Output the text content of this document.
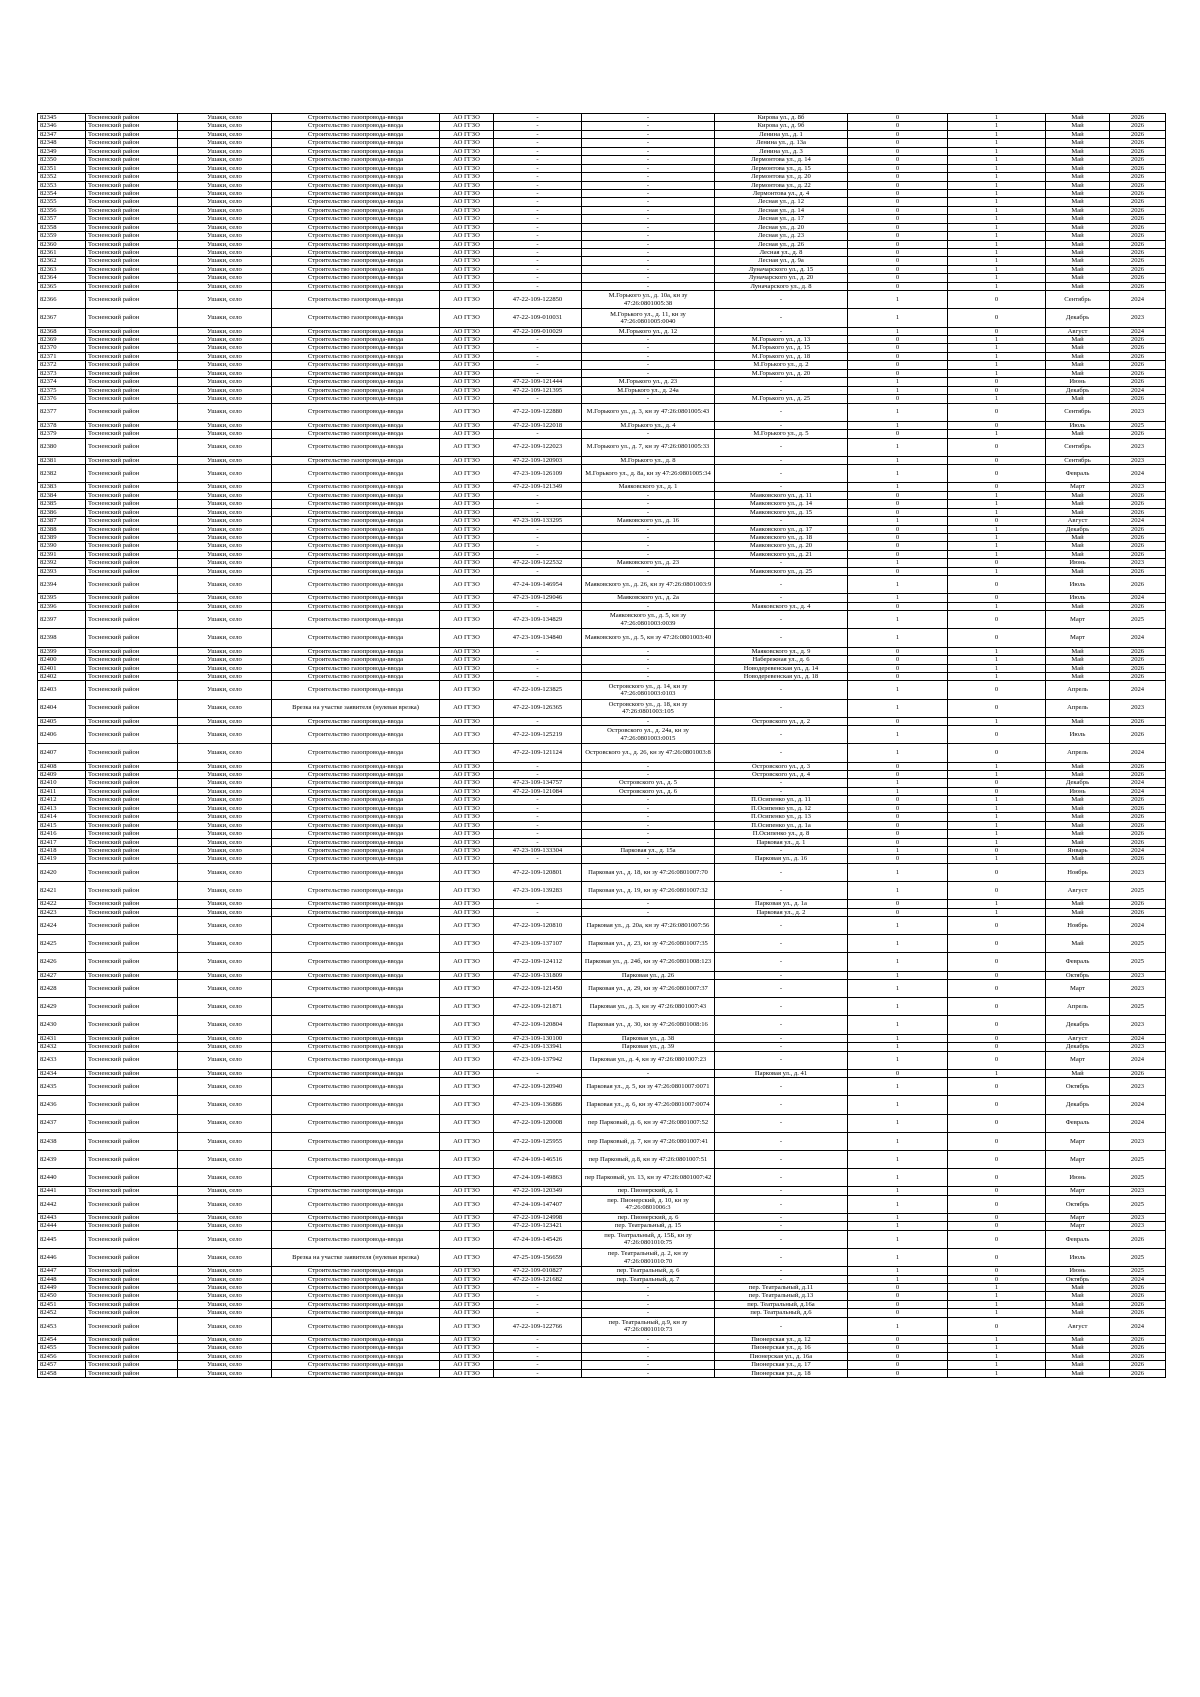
82345	Тосненский район	Ушаки, село	Строительство газопровода-ввода	АО ГГЗО	-	-	Кирова ул., д. 8б	0	1	Май	2026
82346	Тосненский район	Ушаки, село	Строительство газопровода-ввода	АО ГГЗО	-	-	Кирова ул., д. 9б	0	1	Май	2026
82347	Тосненский район	Ушаки, село	Строительство газопровода-ввода	АО ГГЗО	-	-	Ленина ул., д. 1	0	1	Май	2026
82348	Тосненский район	Ушаки, село	Строительство газопровода-ввода	АО ГГЗО	-	-	Ленина ул., д. 13а	0	1	Май	2026
82349	Тосненский район	Ушаки, село	Строительство газопровода-ввода	АО ГГЗО	-	-	Ленина ул., д. 3	0	1	Май	2026
82350	Тосненский район	Ушаки, село	Строительство газопровода-ввода	АО ГГЗО	-	-	Лермонтова ул., д. 14	0	1	Май	2026
82351	Тосненский район	Ушаки, село	Строительство газопровода-ввода	АО ГГЗО	-	-	Лермонтова ул., д. 15	0	1	Май	2026
82352	Тосненский район	Ушаки, село	Строительство газопровода-ввода	АО ГГЗО	-	-	Лермонтова ул., д. 20	0	1	Май	2026
82353	Тосненский район	Ушаки, село	Строительство газопровода-ввода	АО ГГЗО	-	-	Лермонтова ул., д. 22	0	1	Май	2026
82354	Тосненский район	Ушаки, село	Строительство газопровода-ввода	АО ГГЗО	-	-	Лермонтова ул., д. 4	0	1	Май	2026
82355	Тосненский район	Ушаки, село	Строительство газопровода-ввода	АО ГГЗО	-	-	Лесная ул., д. 12	0	1	Май	2026
82356	Тосненский район	Ушаки, село	Строительство газопровода-ввода	АО ГГЗО	-	-	Лесная ул., д. 14	0	1	Май	2026
82357	Тосненский район	Ушаки, село	Строительство газопровода-ввода	АО ГГЗО	-	-	Лесная ул., д. 17	0	1	Май	2026
82358	Тосненский район	Ушаки, село	Строительство газопровода-ввода	АО ГГЗО	-	-	Лесная ул., д. 20	0	1	Май	2026
82359	Тосненский район	Ушаки, село	Строительство газопровода-ввода	АО ГГЗО	-	-	Лесная ул., д. 23	0	1	Май	2026
82360	Тосненский район	Ушаки, село	Строительство газопровода-ввода	АО ГГЗО	-	-	Лесная ул., д. 26	0	1	Май	2026
82361	Тосненский район	Ушаки, село	Строительство газопровода-ввода	АО ГГЗО	-	-	Лесная ул., д. 8	0	1	Май	2026
82362	Тосненский район	Ушаки, село	Строительство газопровода-ввода	АО ГГЗО	-	-	Лесная ул., д. 9а	0	1	Май	2026
82363	Тосненский район	Ушаки, село	Строительство газопровода-ввода	АО ГГЗО	-	-	Луначарского ул., д. 15	0	1	Май	2026
82364	Тосненский район	Ушаки, село	Строительство газопровода-ввода	АО ГГЗО	-	-	Луначарского ул., д. 20	0	1	Май	2026
82365	Тосненский район	Ушаки, село	Строительство газопровода-ввода	АО ГГЗО	-	-	Луначарского ул., д. 8	0	1	Май	2026
82366	Тосненский район	Ушаки, село	Строительство газопровода-ввода	АО ГГЗО	47-22-109-122850	М.Горького ул., д. 10а, кн зу 47:26:0801005:38	-	1	0	Сентябрь	2024
82367	Тосненский район	Ушаки, село	Строительство газопровода-ввода	АО ГГЗО	47-22-109-010031	М.Горького ул., д. 11, кн зу 47:26:0801005:0040	-	1	0	Декабрь	2023
82368	Тосненский район	Ушаки, село	Строительство газопровода-ввода	АО ГГЗО	47-22-109-010029	М.Горького ул., д. 12	-	1	0	Август	2024
82369	Тосненский район	Ушаки, село	Строительство газопровода-ввода	АО ГГЗО	-	-	М.Горького ул., д. 13	0	1	Май	2026
82370	Тосненский район	Ушаки, село	Строительство газопровода-ввода	АО ГГЗО	-	-	М.Горького ул., д. 15	0	1	Май	2026
82371	Тосненский район	Ушаки, село	Строительство газопровода-ввода	АО ГГЗО	-	-	М.Горького ул., д. 18	0	1	Май	2026
82372	Тосненский район	Ушаки, село	Строительство газопровода-ввода	АО ГГЗО	-	-	М.Горького ул., д. 2	0	1	Май	2026
82373	Тосненский район	Ушаки, село	Строительство газопровода-ввода	АО ГГЗО	-	-	М.Горького ул., д. 20	0	1	Май	2026
82374	Тосненский район	Ушаки, село	Строительство газопровода-ввода	АО ГГЗО	47-22-109-121444	М.Горького ул., д. 23	-	1	0	Июнь	2026
82375	Тосненский район	Ушаки, село	Строительство газопровода-ввода	АО ГГЗО	47-22-109-121395	М.Горького ул., д. 24а	-	1	0	Декабрь	2024
82376	Тосненский район	Ушаки, село	Строительство газопровода-ввода	АО ГГЗО	-	-	М.Горького ул., д. 25	0	1	Май	2026
82377	Тосненский район	Ушаки, село	Строительство газопровода-ввода	АО ГГЗО	47-22-109-122880	М.Горького ул., д. 3, кн зу 47:26:0801005:43	-	1	0	Сентябрь	2023
82378	Тосненский район	Ушаки, село	Строительство газопровода-ввода	АО ГГЗО	47-22-109-122018	М.Горького ул., д. 4	-	1	0	Июль	2025
82379	Тосненский район	Ушаки, село	Строительство газопровода-ввода	АО ГГЗО	-	-	М.Горького ул., д. 5	0	1	Май	2026
82380	Тосненский район	Ушаки, село	Строительство газопровода-ввода	АО ГГЗО	47-22-109-122023	М.Горького ул., д. 7, кн зу 47:26:0801005:33	-	1	0	Сентябрь	2023
82381	Тосненский район	Ушаки, село	Строительство газопровода-ввода	АО ГГЗО	47-22-109-120903	М.Горького ул., д. 8	-	1	0	Сентябрь	2023
82382	Тосненский район	Ушаки, село	Строительство газопровода-ввода	АО ГГЗО	47-23-109-126109	М.Горького ул., д. 8а, кн зу 47:26:0801005:34	-	1	0	Февраль	2024
82383	Тосненский район	Ушаки, село	Строительство газопровода-ввода	АО ГГЗО	47-22-109-121349	Маяковского ул., д. 1	-	1	0	Март	2023
82384	Тосненский район	Ушаки, село	Строительство газопровода-ввода	АО ГГЗО	-	-	Маяковского ул., д. 11	0	1	Май	2026
82385	Тосненский район	Ушаки, село	Строительство газопровода-ввода	АО ГГЗО	-	-	Маяковского ул., д. 14	0	1	Май	2026
82386	Тосненский район	Ушаки, село	Строительство газопровода-ввода	АО ГГЗО	-	-	Маяковского ул., д. 15	0	1	Май	2026
82387	Тосненский район	Ушаки, село	Строительство газопровода-ввода	АО ГГЗО	47-23-109-133295	Маяковского ул., д. 16	-	1	0	Август	2024
82388	Тосненский район	Ушаки, село	Строительство газопровода-ввода	АО ГГЗО	-	-	Маяковского ул., д. 17	0	1	Декабрь	2026
82389	Тосненский район	Ушаки, село	Строительство газопровода-ввода	АО ГГЗО	-	-	Маяковского ул., д. 18	0	1	Май	2026
82390	Тосненский район	Ушаки, село	Строительство газопровода-ввода	АО ГГЗО	-	-	Маяковского ул., д. 20	0	1	Май	2026
82391	Тосненский район	Ушаки, село	Строительство газопровода-ввода	АО ГГЗО	-	-	Маяковского ул., д. 21	0	1	Май	2026
82392	Тосненский район	Ушаки, село	Строительство газопровода-ввода	АО ГГЗО	47-22-109-122532	Маяковского ул., д. 23	-	1	0	Июнь	2023
82393	Тосненский район	Ушаки, село	Строительство газопровода-ввода	АО ГГЗО	-	-	Маяковского ул., д. 25	0	1	Май	2026
82394	Тосненский район	Ушаки, село	Строительство газопровода-ввода	АО ГГЗО	47-24-109-146954	Маяковского ул., д. 26, кн зу 47:26:0801003:9	-	1	0	Июль	2026
82395	Тосненский район	Ушаки, село	Строительство газопровода-ввода	АО ГГЗО	47-23-109-129046	Маяковского ул., д. 2а	-	1	0	Июль	2024
82396	Тосненский район	Ушаки, село	Строительство газопровода-ввода	АО ГГЗО	-	-	Маяковского ул., д. 4	0	1	Май	2026
82397	Тосненский район	Ушаки, село	Строительство газопровода-ввода	АО ГГЗО	47-23-109-134829	Маяковского ул., д. 5, кн зу 47:26:0801003:0039	-	1	0	Март	2025
82398	Тосненский район	Ушаки, село	Строительство газопровода-ввода	АО ГГЗО	47-23-109-134840	Маяковского ул., д. 5, кн зу 47:26:0801003:40	-	1	0	Март	2024
82399	Тосненский район	Ушаки, село	Строительство газопровода-ввода	АО ГГЗО	-	-	Маяковского ул., д. 9	0	1	Май	2026
82400	Тосненский район	Ушаки, село	Строительство газопровода-ввода	АО ГГЗО	-	-	Набережная ул., д. 6	0	1	Май	2026
82401	Тосненский район	Ушаки, село	Строительство газопровода-ввода	АО ГГЗО	-	-	Новодеревенская ул., д. 14	0	1	Май	2026
82402	Тосненский район	Ушаки, село	Строительство газопровода-ввода	АО ГГЗО	-	-	Новодеревенская ул., д. 18	0	1	Май	2026
82403	Тосненский район	Ушаки, село	Строительство газопровода-ввода	АО ГГЗО	47-22-109-123825	Островского ул., д. 14, кн зу 47:26:0801003:0103	-	1	0	Апрель	2024
82404	Тосненский район	Ушаки, село	Врезка на участке заявителя (нулевая врезка)	АО ГГЗО	47-22-109-126365	Островского ул., д. 18, кн зу 47:26:0801003:105	-	1	0	Апрель	2023
82405	Тосненский район	Ушаки, село	Строительство газопровода-ввода	АО ГГЗО	-	-	Островского ул., д. 2	0	1	Май	2026
82406	Тосненский район	Ушаки, село	Строительство газопровода-ввода	АО ГГЗО	47-22-109-125219	Островского ул., д. 24а, кн зу 47:26:0801003:0015	-	1	0	Июль	2026
82407	Тосненский район	Ушаки, село	Строительство газопровода-ввода	АО ГГЗО	47-22-109-121124	Островского ул., д. 26, кн зу 47:26:0801003:8	-	1	0	Апрель	2024
82408	Тосненский район	Ушаки, село	Строительство газопровода-ввода	АО ГГЗО	-	-	Островского ул., д. 3	0	1	Май	2026
82409	Тосненский район	Ушаки, село	Строительство газопровода-ввода	АО ГГЗО	-	-	Островского ул., д. 4	0	1	Май	2026
82410	Тосненский район	Ушаки, село	Строительство газопровода-ввода	АО ГГЗО	47-23-109-134757	Островского ул., д. 5	-	1	0	Декабрь	2024
82411	Тосненский район	Ушаки, село	Строительство газопровода-ввода	АО ГГЗО	47-22-109-121084	Островского ул., д. 6	-	1	0	Июнь	2024
82412	Тосненский район	Ушаки, село	Строительство газопровода-ввода	АО ГГЗО	-	-	П.Осипенко ул., д. 11	0	1	Май	2026
82413	Тосненский район	Ушаки, село	Строительство газопровода-ввода	АО ГГЗО	-	-	П.Осипенко ул., д. 12	0	1	Май	2026
82414	Тосненский район	Ушаки, село	Строительство газопровода-ввода	АО ГГЗО	-	-	П.Осипенко ул., д. 13	0	1	Май	2026
82415	Тосненский район	Ушаки, село	Строительство газопровода-ввода	АО ГГЗО	-	-	П.Осипенко ул., д. 1а	0	1	Май	2026
82416	Тосненский район	Ушаки, село	Строительство газопровода-ввода	АО ГГЗО	-	-	П.Осипенко ул., д. 8	0	1	Май	2026
82417	Тосненский район	Ушаки, село	Строительство газопровода-ввода	АО ГГЗО	-	-	Парковая ул., д. 1	0	1	Май	2026
82418	Тосненский район	Ушаки, село	Строительство газопровода-ввода	АО ГГЗО	47-23-109-133304	Парковая ул., д. 15а	-	1	0	Январь	2024
82419	Тосненский район	Ушаки, село	Строительство газопровода-ввода	АО ГГЗО	-	-	Парковая ул., д. 16	0	1	Май	2026
82420	Тосненский район	Ушаки, село	Строительство газопровода-ввода	АО ГГЗО	47-22-109-120801	Парковая ул., д. 18, кн зу 47:26:0801007:70	-	1	0	Ноябрь	2023
82421	Тосненский район	Ушаки, село	Строительство газопровода-ввода	АО ГГЗО	47-23-109-139283	Парковая ул., д. 19, кн зу 47:26:0801007:32	-	1	0	Август	2025
82422	Тосненский район	Ушаки, село	Строительство газопровода-ввода	АО ГГЗО	-	-	Парковая ул., д. 1а	0	1	Май	2026
82423	Тосненский район	Ушаки, село	Строительство газопровода-ввода	АО ГГЗО	-	-	Парковая ул., д. 2	0	1	Май	2026
82424	Тосненский район	Ушаки, село	Строительство газопровода-ввода	АО ГГЗО	47-22-109-120810	Парковая ул., д. 20а, кн зу 47:26:0801007:56	-	1	0	Ноябрь	2024
82425	Тосненский район	Ушаки, село	Строительство газопровода-ввода	АО ГГЗО	47-23-109-137107	Парковая ул., д. 23, кн зу 47:26:0801007:35	-	1	0	Май	2025
82426	Тосненский район	Ушаки, село	Строительство газопровода-ввода	АО ГГЗО	47-22-109-124112	Парковая ул., д. 24б, кн зу 47:26:0801008:123	-	1	0	Февраль	2025
82427	Тосненский район	Ушаки, село	Строительство газопровода-ввода	АО ГГЗО	47-22-109-131809	Парковая ул., д. 26	-	1	0	Октябрь	2023
82428	Тосненский район	Ушаки, село	Строительство газопровода-ввода	АО ГГЗО	47-22-109-121450	Парковая ул., д. 29, кн зу 47:26:0801007:37	-	1	0	Март	2023
82429	Тосненский район	Ушаки, село	Строительство газопровода-ввода	АО ГГЗО	47-22-109-121871	Парковая ул., д. 3, кн зу 47:26:0801007:43	-	1	0	Апрель	2025
82430	Тосненский район	Ушаки, село	Строительство газопровода-ввода	АО ГГЗО	47-22-109-120804	Парковая ул., д. 30, кн зу 47:26:0801008:16	-	1	0	Декабрь	2023
82431	Тосненский район	Ушаки, село	Строительство газопровода-ввода	АО ГГЗО	47-23-109-130100	Парковая ул., д. 38	-	1	0	Август	2024
82432	Тосненский район	Ушаки, село	Строительство газопровода-ввода	АО ГГЗО	47-23-109-133941	Парковая ул., д. 39	-	1	0	Декабрь	2023
82433	Тосненский район	Ушаки, село	Строительство газопровода-ввода	АО ГГЗО	47-23-109-137942	Парковая ул., д. 4, кн зу 47:26:0801007:23	-	1	0	Март	2024
82434	Тосненский район	Ушаки, село	Строительство газопровода-ввода	АО ГГЗО	-	-	Парковая ул., д. 41	0	1	Май	2026
82435	Тосненский район	Ушаки, село	Строительство газопровода-ввода	АО ГГЗО	47-22-109-120940	Парковая ул., д. 5, кн зу 47:26:0801007:0071	-	1	0	Октябрь	2023
82436	Тосненский район	Ушаки, село	Строительство газопровода-ввода	АО ГГЗО	47-23-109-136886	Парковая ул., д. 6, кн зу 47:26:0801007:0074	-	1	0	Декабрь	2024
82437	Тосненский район	Ушаки, село	Строительство газопровода-ввода	АО ГГЗО	47-22-109-120008	пер Парковый, д. 6, кн зу 47:26:0801007:52	-	1	0	Февраль	2024
82438	Тосненский район	Ушаки, село	Строительство газопровода-ввода	АО ГГЗО	47-22-109-125955	пер Парковый, д. 7, кн зу 47:26:0801007:41	-	1	0	Март	2023
82439	Тосненский район	Ушаки, село	Строительство газопровода-ввода	АО ГГЗО	47-24-109-146516	пер Парковый, д.8, кн зу 47:26:0801007:51	-	1	0	Март	2025
82440	Тосненский район	Ушаки, село	Строительство газопровода-ввода	АО ГГЗО	47-24-109-149863	пер Парковый, ул. 13, кн зу 47:26:0801007:42	-	1	0	Июнь	2025
82441	Тосненский район	Ушаки, село	Строительство газопровода-ввода	АО ГГЗО	47-22-109-120349	пер. Пионерский, д. 1	-	1	0	Март	2023
82442	Тосненский район	Ушаки, село	Строительство газопровода-ввода	АО ГГЗО	47-24-109-147407	пер. Пионерский, д. 10, кн зу 47:26:0801006:3	-	1	0	Октябрь	2025
82443	Тосненский район	Ушаки, село	Строительство газопровода-ввода	АО ГГЗО	47-22-109-124998	пер. Пионерский, д. 6	-	1	0	Март	2023
82444	Тосненский район	Ушаки, село	Строительство газопровода-ввода	АО ГГЗО	47-22-109-123421	пер. Театральный, д. 15	-	1	0	Март	2023
82445	Тосненский район	Ушаки, село	Строительство газопровода-ввода	АО ГГЗО	47-24-109-145426	пер. Театральный, д. 15Б, кн зу 47:26:0801010:75	-	1	0	Февраль	2026
82446	Тосненский район	Ушаки, село	Врезка на участке заявителя (нулевая врезка)	АО ГГЗО	47-25-109-156659	пер. Театральный, д. 2, кн зу 47:26:0801010:70	-	1	0	Июль	2025
82447	Тосненский район	Ушаки, село	Строительство газопровода-ввода	АО ГГЗО	47-22-109-010827	пер. Театральный, д. 6	-	1	0	Июнь	2025
82448	Тосненский район	Ушаки, село	Строительство газопровода-ввода	АО ГГЗО	47-22-109-121682	пер. Театральный, д. 7	-	1	0	Октябрь	2024
82449	Тосненский район	Ушаки, село	Строительство газопровода-ввода	АО ГГЗО	-	-	пер. Театральный, д.11	0	1	Май	2026
82450	Тосненский район	Ушаки, село	Строительство газопровода-ввода	АО ГГЗО	-	-	пер. Театральный, д.13	0	1	Май	2026
82451	Тосненский район	Ушаки, село	Строительство газопровода-ввода	АО ГГЗО	-	-	пер. Театральный, д.16а	0	1	Май	2026
82452	Тосненский район	Ушаки, село	Строительство газопровода-ввода	АО ГГЗО	-	-	пер. Театральный, д.6	0	1	Май	2026
82453	Тосненский район	Ушаки, село	Строительство газопровода-ввода	АО ГГЗО	47-22-109-122766	пер. Театральный, д.9, кн зу 47:26:0801010:73	-	1	0	Август	2024
82454	Тосненский район	Ушаки, село	Строительство газопровода-ввода	АО ГГЗО	-	-	Пионерская ул., д. 12	0	1	Май	2026
82455	Тосненский район	Ушаки, село	Строительство газопровода-ввода	АО ГГЗО	-	-	Пионерская ул., д. 16	0	1	Май	2026
82456	Тосненский район	Ушаки, село	Строительство газопровода-ввода	АО ГГЗО	-	-	Пионерская ул., д. 16а	0	1	Май	2026
82457	Тосненский район	Ушаки, село	Строительство газопровода-ввода	АО ГГЗО	-	-	Пионерская ул., д. 17	0	1	Май	2026
82458	Тосненский район	Ушаки, село	Строительство газопровода-ввода	АО ГГЗО	-	-	Пионерская ул., д. 18	0	1	Май	2026
